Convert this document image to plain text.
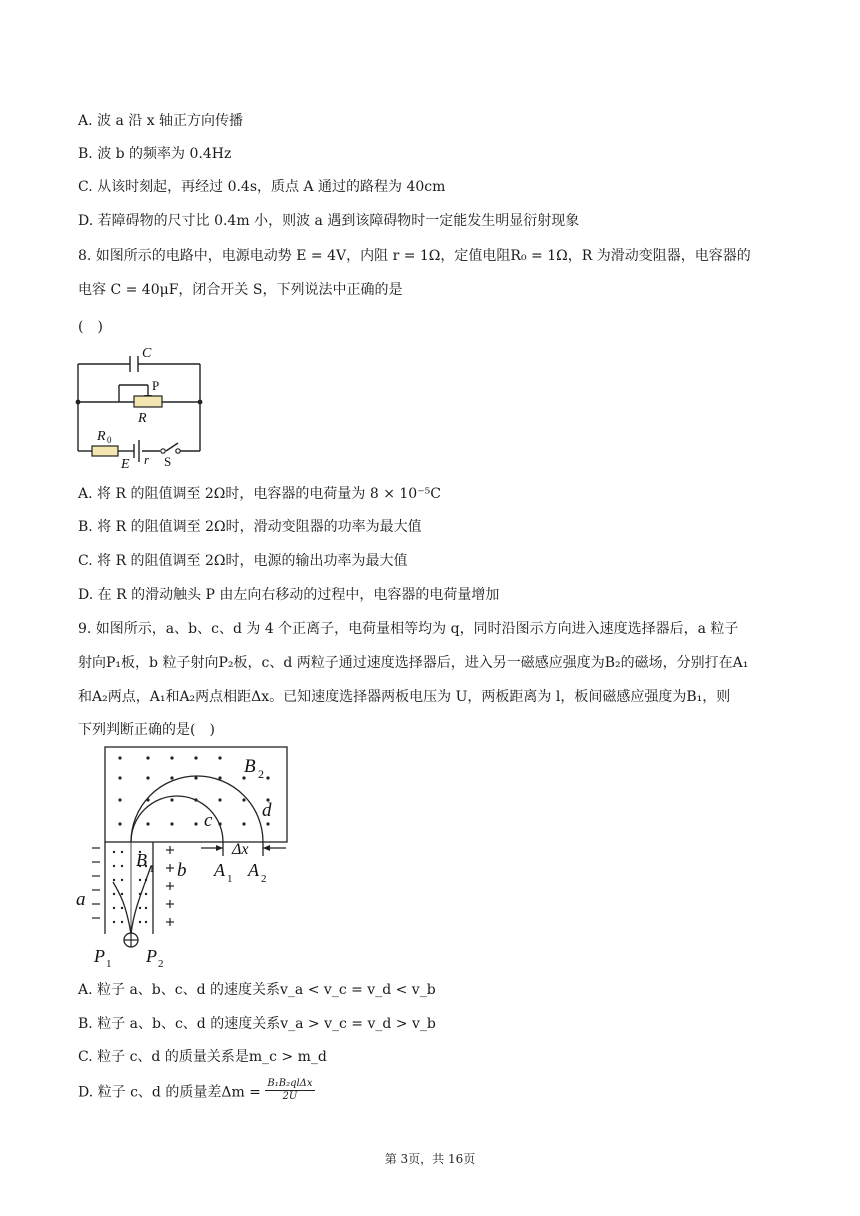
A. 波 a 沿 x 轴正方向传播
B. 波 b 的频率为 0.4Hz
C. 从该时刻起，再经过 0.4s，质点 A 通过的路程为 40cm
D. 若障碍物的尺寸比 0.4m 小，则波 a 遇到该障碍物时一定能发生明显衍射现象
8. 如图所示的电路中，电源电动势 E = 4V，内阻 r = 1Ω，定值电阻R₀ = 1Ω，R 为滑动变阻器，电容器的
电容 C = 40μF，闭合开关 S，下列说法中正确的是
(　)
C
P
R
R 0
E r S
A. 将 R 的阻值调至 2Ω时，电容器的电荷量为 8 × 10⁻⁵C
B. 将 R 的阻值调至 2Ω时，滑动变阻器的功率为最大值
C. 将 R 的阻值调至 2Ω时，电源的输出功率为最大值
D. 在 R 的滑动触头 P 由左向右移动的过程中，电容器的电荷量增加
9. 如图所示，a、b、c、d 为 4 个正离子，电荷量相等均为 q，同时沿图示方向进入速度选择器后，a 粒子
射向P₁板，b 粒子射向P₂板，c、d 两粒子通过速度选择器后，进入另一磁感应强度为B₂的磁场，分别打在A₁
和A₂两点，A₁和A₂两点相距Δx。已知速度选择器两板电压为 U，两板距离为 l，板间磁感应强度为B₁，则
下列判断正确的是(　)
B 2
c	d
B 1
a
b
Δx
A 1 A 2
P 1 P 2
A. 粒子 a、b、c、d 的速度关系v_a < v_c = v_d < v_b
B. 粒子 a、b、c、d 的速度关系v_a > v_c = v_d > v_b
C. 粒子 c、d 的质量关系是m_c > m_d
D. 粒子 c、d 的质量差Δm =
B₁B₂qlΔx
2U
第 3页，共 16页
